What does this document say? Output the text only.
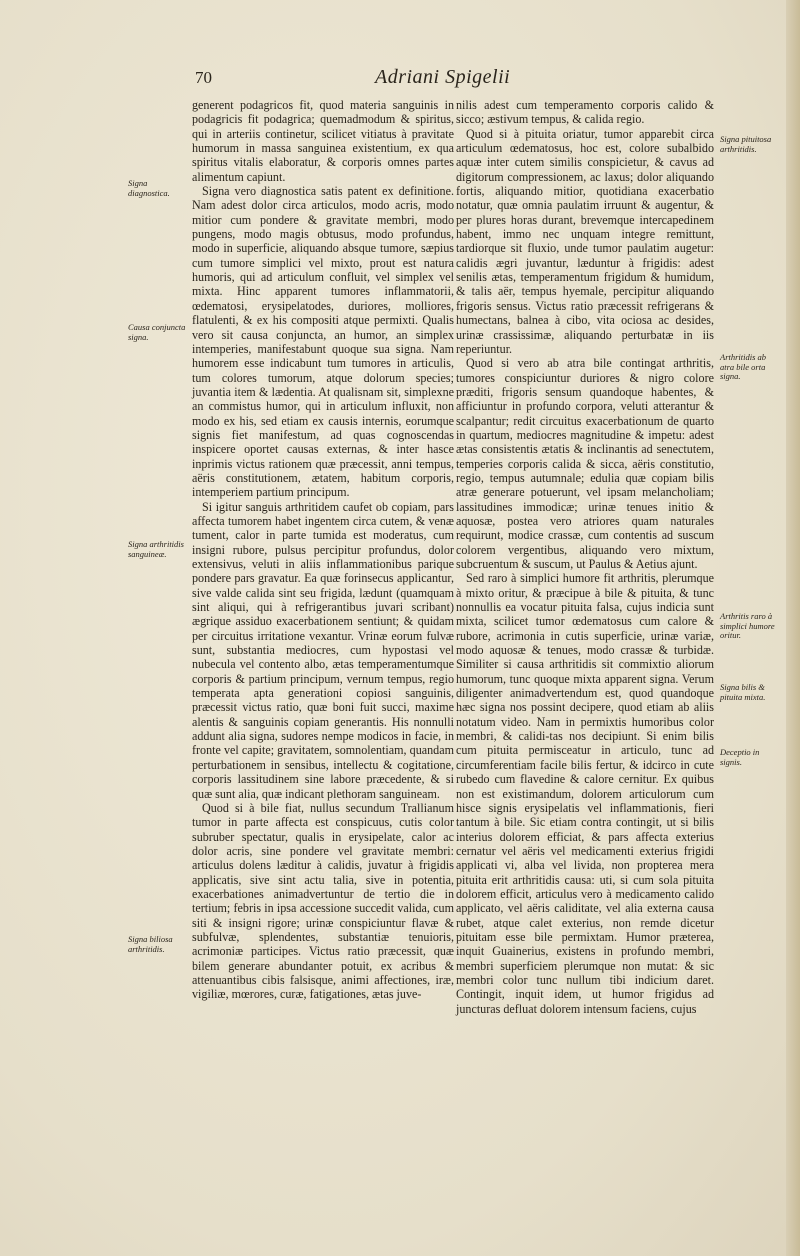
70	Adriani Spigelii

generent podagricos fit, quod materia sanguinis in podagricis fit podagrica; quemadmodum & spiritus, qui in arteriis continetur, scilicet vitiatus à pravitate humorum in massa sanguinea existentium, ex qua spiritus vitalis elaboratur, & corporis omnes partes alimentum capiunt.

Signa vero diagnostica satis patent ex definitione. Nam adest dolor circa articulos, modo acris, modo mitior cum pondere & gravitate membri, modo pungens, modo magis obtusus, modo profundus, modo in superficie, aliquando absque tumore, sæpius cum tumore simplici vel mixto, prout est natura humoris, qui ad articulum confluit, vel simplex vel mixta. Hinc apparent tumores inflammatorii, œdematosi, erysipelatodes, duriores, molliores, flatulenti, & ex his compositi atque permixti. Qualis vero sit causa conjuncta, an humor, an simplex intemperies, manifestabunt quoque sua signa. Nam humorem esse indicabunt tum tumores in articulis, tum colores tumorum, atque dolorum species; juvantia item & lædentia. At qualisnam sit, simplexne an commistus humor, qui in articulum influxit, non modo ex his, sed etiam ex causis internis, eorumque signis fiet manifestum, ad quas cognoscendas inspicere oportet causas externas, & inter hasce inprimis victus rationem quæ præcessit, anni tempus, aëris constitutionem, ætatem, habitum corporis, intemperiem partium principum.

Si igitur sanguis arthritidem caufet ob copiam, pars affecta tumorem habet ingentem circa cutem, & venæ tument, calor in parte tumida est moderatus, cum insigni rubore, pulsus percipitur profundus, dolor extensivus, veluti in aliis inflammationibus parique pondere pars gravatur. Ea quæ forinsecus applicantur, sive valde calida sint seu frigida, lædunt (quamquam sint aliqui, qui à refrigerantibus juvari scribant) ægrique assiduo exacerbationem sentiunt; & quidam per circuitus irritatione vexantur. Vrinæ eorum fulvæ sunt, substantia mediocres, cum hypostasi vel nubecula vel contento albo, ætas temperamentumque corporis & partium principum, vernum tempus, regio temperata apta generationi copiosi sanguinis, præcessit victus ratio, quæ boni fuit succi, maxime alentis & sanguinis copiam generantis. His nonnulli addunt alia signa, sudores nempe modicos in facie, in fronte vel capite; gravitatem, somnolentiam, quandam perturbationem in sensibus, intellectu & cogitatione, corporis lassitudinem sine labore præcedente, & si quæ sunt alia, quæ indicant plethoram sanguineam.

Quod si à bile fiat, nullus secundum Trallianum tumor in parte affecta est conspicuus, cutis color subruber spectatur, qualis in erysipelate, calor ac dolor acris, sine pondere vel gravitate membri: articulus dolens læditur à calidis, juvatur à frigidis applicatis, sive sint actu talia, sive in potentia, exacerbationes animadvertuntur de tertio die in tertium; febris in ipsa accessione succedit valida, cum siti & insigni rigore; urinæ conspiciuntur flavæ & subfulvæ, splendentes, substantiæ tenuioris, acrimoniæ participes. Victus ratio præcessit, quæ bilem generare abundanter potuit, ex acribus & attenuantibus cibis falsisque, animi affectiones, iræ, vigiliæ, mœrores, curæ, fatigationes, ætas juve-

nilis adest cum temperamento corporis calido & sicco; æstivum tempus, & calida regio.

Quod si à pituita oriatur, tumor apparebit circa articulum œdematosus, hoc est, colore subalbido aquæ inter cutem similis conspicietur, & cavus ad digitorum compressionem, ac laxus; dolor aliquando fortis, aliquando mitior, quotidiana exacerbatio notatur, quæ omnia paulatim irruunt & augentur, & per plures horas durant, brevemque intercapedinem habent, immo nec unquam integre remittunt, tardiorque sit fluxio, unde tumor paulatim augetur: calidis ægri juvantur, læduntur à frigidis: adest senilis ætas, temperamentum frigidum & humidum, & talis aër, tempus hyemale, percipitur aliquando frigoris sensus. Victus ratio præcessit refrigerans & humectans, balnea à cibo, vita ociosa ac desides, urinæ crassissimæ, aliquando perturbatæ in iis reperiuntur.

Quod si vero ab atra bile contingat arthritis, tumores conspiciuntur duriores & nigro colore præditi, frigoris sensum quandoque habentes, & afficiuntur in profundo corpora, veluti atterantur & scalpantur; redit circuitus exacerbationum de quarto in quartum, mediocres magnitudine & impetu: adest ætas consistentis ætatis & inclinantis ad senectutem, temperies corporis calida & sicca, aëris constitutio, regio, tempus autumnale; edulia quæ copiam bilis atræ generare potuerunt, vel ipsam melancholiam; lassitudines immodicæ; urinæ tenues initio & aquosæ, postea vero atriores quam naturales requirunt, modice crassæ, cum contentis ad suscum colorem vergentibus, aliquando vero mixtum, subcruentum & suscum, ut Paulus & Aetius ajunt.

Sed raro à simplici humore fit arthritis, plerumque à mixto oritur, & præcipue à bile & pituita, & tunc nonnullis ea vocatur pituita falsa, cujus indicia sunt mixta, scilicet tumor œdematosus cum calore & rubore, acrimonia in cutis superficie, urinæ variæ, modo aquosæ & tenues, modo crassæ & turbidæ. Similiter si causa arthritidis sit commixtio aliorum humorum, tunc quoque mixta apparent signa. Verum diligenter animadvertendum est, quod quandoque hæc signa nos possint decipere, quod etiam ab aliis notatum video. Nam in permixtis humoribus color membri, & calidi-tas nos decipiunt. Si enim bilis cum pituita permisceatur in articulo, tunc ad circumferentiam facile bilis fertur, & idcirco in cute rubedo cum flavedine & calore cernitur. Ex quibus non est existimandum, dolorem articulorum cum hisce signis erysipelatis vel inflammationis, fieri tantum à bile. Sic etiam contra contingit, ut si bilis interius dolorem efficiat, & pars affecta exterius cernatur vel aëris vel medicamenti exterius frigidi applicati vi, alba vel livida, non propterea mera pituita erit arthritidis causa: uti, si cum sola pituita dolorem efficit, articulus vero à medicamento calido applicato, vel aëris caliditate, vel alia externa causa rubet, atque calet exterius, non remde dicetur pituitam esse bile permixtam. Humor præterea, inquit Guainerius, existens in profundo membri, membri superficiem plerumque non mutat: & sic membri color tunc nullum tibi indicium daret. Contingit, inquit idem, ut humor frigidus ad juncturas defluat dolorem intensum faciens, cujus

Signa diagnostica.
Causa conjuncta signa.
Signa arthritidis sanguineæ.
Signa biliosa arthritidis.
Signa pituitosa arthritidis.
Arthritidis ab atra bile orta signa.
Arthritis raro à simplici humore oritur.
Signa bilis & pituita mixta.
Deceptio in signis.
